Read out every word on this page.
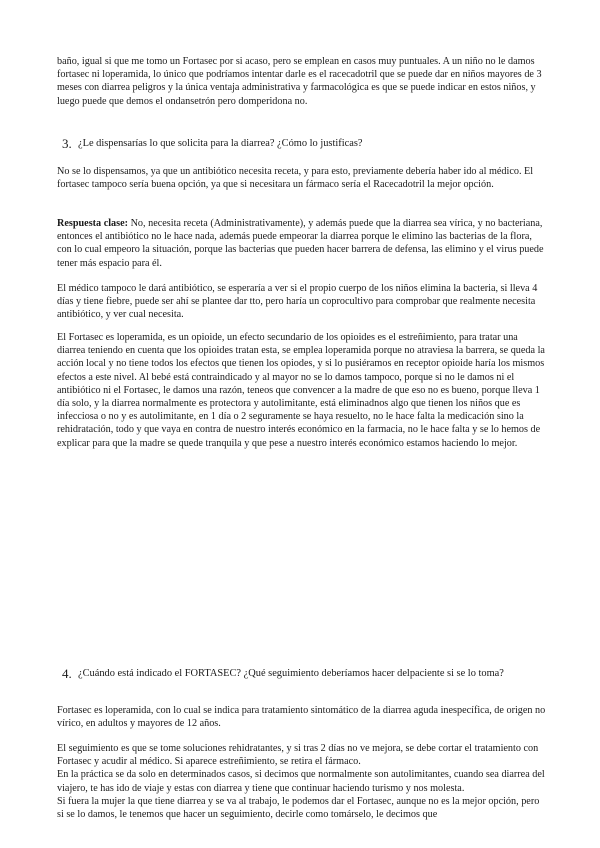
baño, igual si que me tomo un Fortasec por si acaso, pero se emplean en casos muy puntuales. A un niño no le damos fortasec ni loperamida, lo único que podríamos intentar darle es el racecadotril que se puede dar en niños mayores de 3 meses con diarrea peligros y la única ventaja administrativa y farmacológica es que se puede indicar en estos niños, y luego puede que demos el ondansetrón pero domperidona no.

3. ¿Le dispensarías lo que solicita para la diarrea? ¿Cómo lo justificas?

No se lo dispensamos, ya que un antibiótico necesita receta, y para esto, previamente debería haber ido al médico. El fortasec tampoco sería buena opción, ya que si necesitara un fármaco sería el Racecadotril la mejor opción.

Respuesta clase: No, necesita receta (Administrativamente), y además puede que la diarrea sea vírica, y no bacteriana, entonces el antibiótico no le hace nada, además puede empeorar la diarrea porque le elimino las bacterias de la flora, con lo cual empeoro la situación, porque las bacterias que pueden hacer barrera de defensa, las elimino y el virus puede tener más espacio para él.

El médico tampoco le dará antibiótico, se esperaría a ver si el propio cuerpo de los niños elimina la bacteria, si lleva 4 días y tiene fiebre, puede ser ahí se plantee dar tto, pero haría un coprocultivo para comprobar que realmente necesita antibiótico, y ver cual necesita.

El Fortasec es loperamida, es un opioide, un efecto secundario de los opioides es el estreñimiento, para tratar una diarrea teniendo en cuenta que los opioides tratan esta, se emplea loperamida porque no atraviesa la barrera, se queda la acción local y no tiene todos los efectos que tienen los opiodes, y si lo pusiéramos en receptor opioide haría los mismos efectos a este nivel. Al bebé está contraindicado y al mayor no se lo damos tampoco, porque si no le damos ni el antibiótico ni el Fortasec, le damos una razón, teneos que convencer a la madre de que eso no es bueno, porque lleva 1 día solo, y la diarrea normalmente es protectora y autolimitante, está eliminadnos algo que tienen los niños que es infecciosa o no y es autolimitante, en 1 día o 2 seguramente se haya resuelto, no le hace falta la medicación sino la rehidratación, todo y que vaya en contra de nuestro interés económico en la farmacia, no le hace falta y se lo hemos de explicar para que la madre se quede tranquila y que pese a nuestro interés económico estamos haciendo lo mejor.

4. ¿Cuándo está indicado el FORTASEC? ¿Qué seguimiento deberíamos hacer delpaciente si se lo toma?

Fortasec es loperamida, con lo cual se indica para tratamiento sintomático de la diarrea aguda inespecífica, de origen no vírico, en adultos y mayores de 12 años.

El seguimiento es que se tome soluciones rehidratantes, y si tras 2 días no ve mejora, se debe cortar el tratamiento con Fortasec y acudir al médico. Si aparece estreñimiento, se retira el fármaco.

En la práctica se da solo en determinados casos, si decimos que normalmente son autolimitantes, cuando sea diarrea del viajero, te has ido de viaje y estas con diarrea y tiene que continuar haciendo turismo y nos molesta.

Si fuera la mujer la que tiene diarrea y se va al trabajo, le podemos dar el Fortasec, aunque no es la mejor opción, pero si se lo damos, le tenemos que hacer un seguimiento, decirle como tomárselo, le decimos que
